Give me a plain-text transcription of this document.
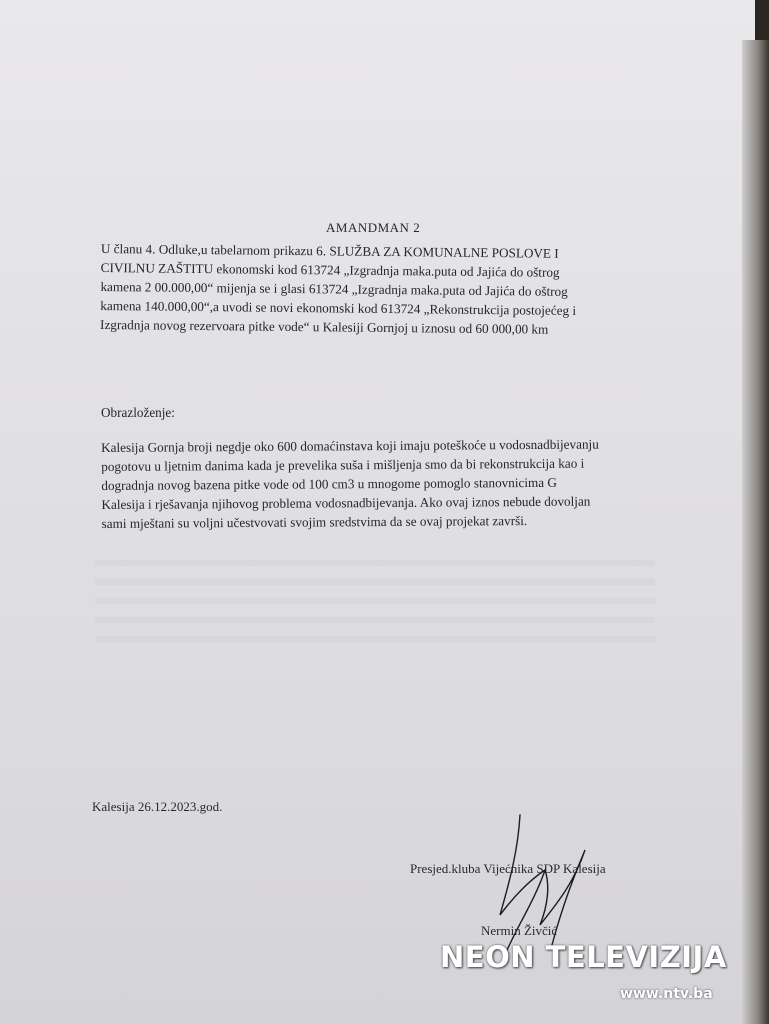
AMANDMAN 2
U članu 4. Odluke,u tabelarnom prikazu 6. SLUŽBA ZA KOMUNALNE POSLOVE I
CIVILNU ZAŠTITU ekonomski kod 613724 „Izgradnja maka.puta od Jajića do oštrog
kamena 2 00.000,00“ mijenja se i glasi 613724 „Izgradnja maka.puta od Jajića do oštrog
kamena 140.000,00“,a uvodi se novi ekonomski kod 613724 „Rekonstrukcija postojećeg i
Izgradnja novog rezervoara pitke vode“ u Kalesiji Gornjoj u iznosu od 60 000,00 km
Obrazloženje:
Kalesija Gornja broji negdje oko 600 domaćinstava koji imaju poteškoće u vodosnadbijevanju
pogotovu u ljetnim danima kada je prevelika suša i mišljenja smo da bi rekonstrukcija kao i
dogradnja novog bazena pitke vode od 100 cm3 u mnogome pomoglo stanovnicima G
Kalesija i rješavanja njihovog problema vodosnadbijevanja. Ako ovaj iznos nebude dovoljan
sami mještani su voljni učestvovati svojim sredstvima da se ovaj projekat završi.
Kalesija 26.12.2023.god.
Presjed.kluba Vijećnika SDP Kalesija
Nermin Živčić
NEON TELEVIZIJA
www.ntv.ba
